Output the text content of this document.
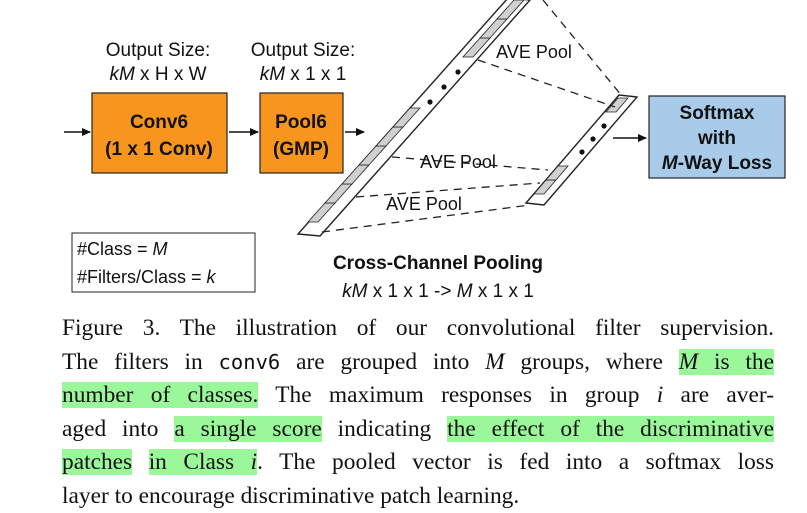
Output Size:
kM x H x W
Output Size:
kM x 1 x 1
Conv6
(1 x 1 Conv)
Pool6
(GMP)
AVE Pool
AVE Pool
AVE Pool
Softmax
with
M-Way Loss
#Class = M
#Filters/Class = k
Cross-Channel Pooling
kM x 1 x 1 -> M x 1 x 1
Figure 3. The illustration of our convolutional filter supervision.
The filters in conv6 are grouped into M groups, where M is the
number of classes. The maximum responses in group i are aver-
aged into a single score indicating the effect of the discriminative
patches in Class i. The pooled vector is fed into a softmax loss
layer to encourage discriminative patch learning.
